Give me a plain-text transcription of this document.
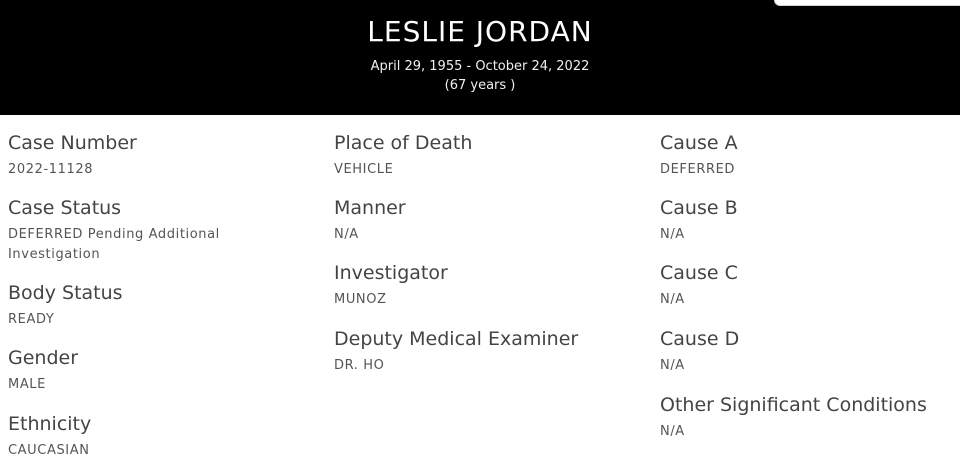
LESLIE JORDAN
April 29, 1955 - October 24, 2022
(67 years )
Case Number
2022-11128
Case Status
DEFERRED Pending Additional Investigation
Body Status
READY
Gender
MALE
Ethnicity
CAUCASIAN
Place of Death
VEHICLE
Manner
N/A
Investigator
MUNOZ
Deputy Medical Examiner
DR. HO
Cause A
DEFERRED
Cause B
N/A
Cause C
N/A
Cause D
N/A
Other Significant Conditions
N/A
